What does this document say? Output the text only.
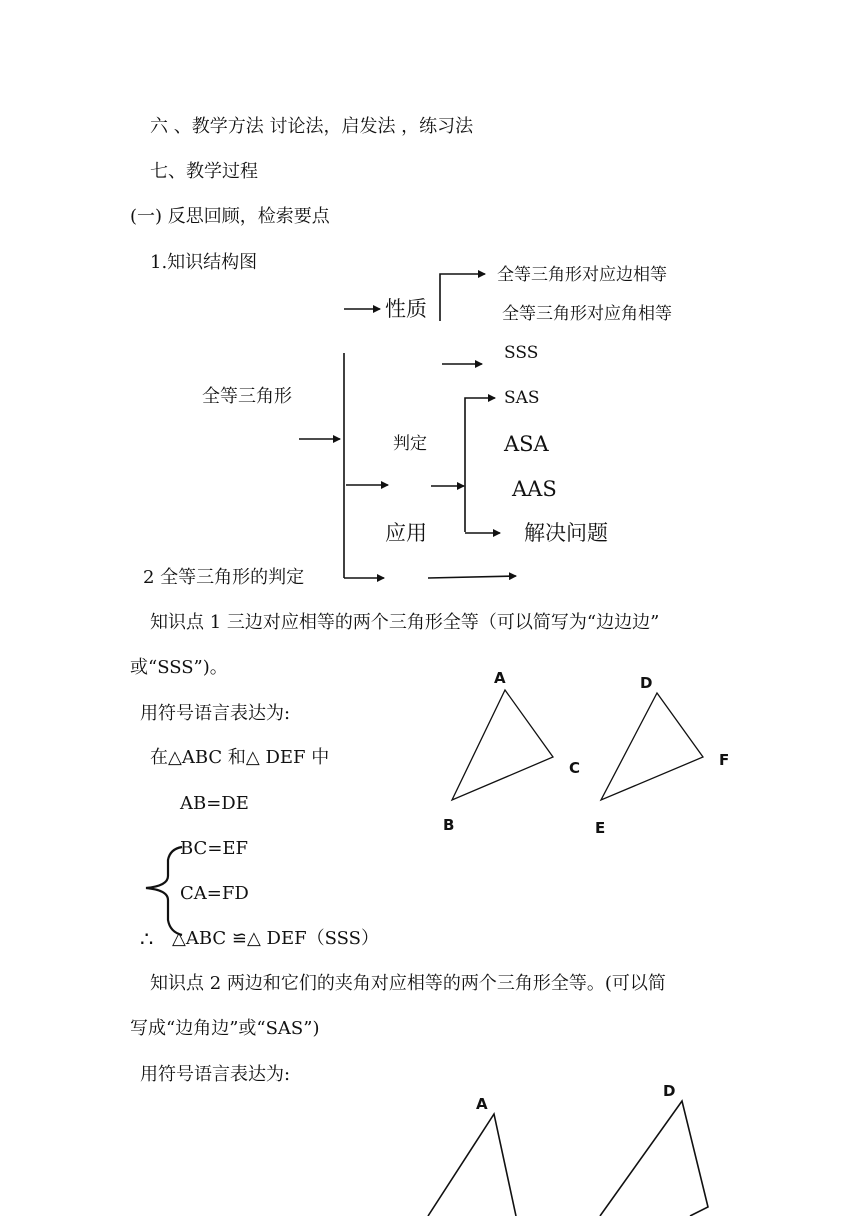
六 、教学方法 讨论法，启发法 ，练习法
七、教学过程
(一) 反思回顾，检索要点
1.知识结构图
性质
全等三角形对应边相等
全等三角形对应角相等
SSS
SAS
ASA
AAS
全等三角形
判定
应用	解决问题
2 全等三角形的判定
知识点 1 三边对应相等的两个三角形全等（可以简写为“边边边”
或“SSS”)。
用符号语言表达为:
在△ABC 和△ DEF 中
AB=DE
BC=EF
CA=FD
∴ △ABC ≌△ DEF（SSS）
知识点 2 两边和它们的夹角对应相等的两个三角形全等。(可以简
写成“边角边”或“SAS”)
用符号语言表达为:
A
B
C
D
E
F
A
D
